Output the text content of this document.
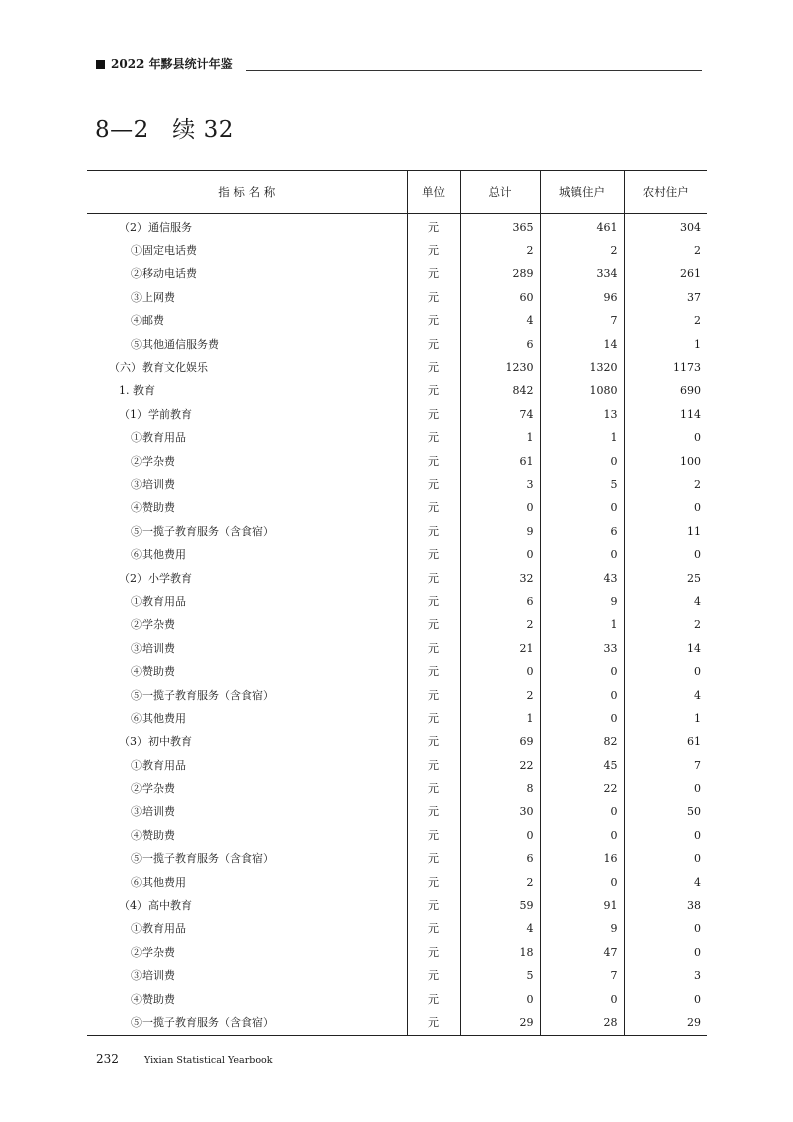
2022 年黟县统计年鉴
8—2　续 32
指 标 名 称	单位	总计	城镇住户	农村住户
（2）通信服务	元	365	461	304
①固定电话费	元	2	2	2
②移动电话费	元	289	334	261
③上网费	元	60	96	37
④邮费	元	4	7	2
⑤其他通信服务费	元	6	14	1
（六）教育文化娱乐	元	1230	1320	1173
1. 教育	元	842	1080	690
（1）学前教育	元	74	13	114
①教育用品	元	1	1	0
②学杂费	元	61	0	100
③培训费	元	3	5	2
④赞助费	元	0	0	0
⑤一揽子教育服务（含食宿）	元	9	6	11
⑥其他费用	元	0	0	0
（2）小学教育	元	32	43	25
①教育用品	元	6	9	4
②学杂费	元	2	1	2
③培训费	元	21	33	14
④赞助费	元	0	0	0
⑤一揽子教育服务（含食宿）	元	2	0	4
⑥其他费用	元	1	0	1
（3）初中教育	元	69	82	61
①教育用品	元	22	45	7
②学杂费	元	8	22	0
③培训费	元	30	0	50
④赞助费	元	0	0	0
⑤一揽子教育服务（含食宿）	元	6	16	0
⑥其他费用	元	2	0	4
（4）高中教育	元	59	91	38
①教育用品	元	4	9	0
②学杂费	元	18	47	0
③培训费	元	5	7	3
④赞助费	元	0	0	0
⑤一揽子教育服务（含食宿）	元	29	28	29
232	Yixian Statistical Yearbook
